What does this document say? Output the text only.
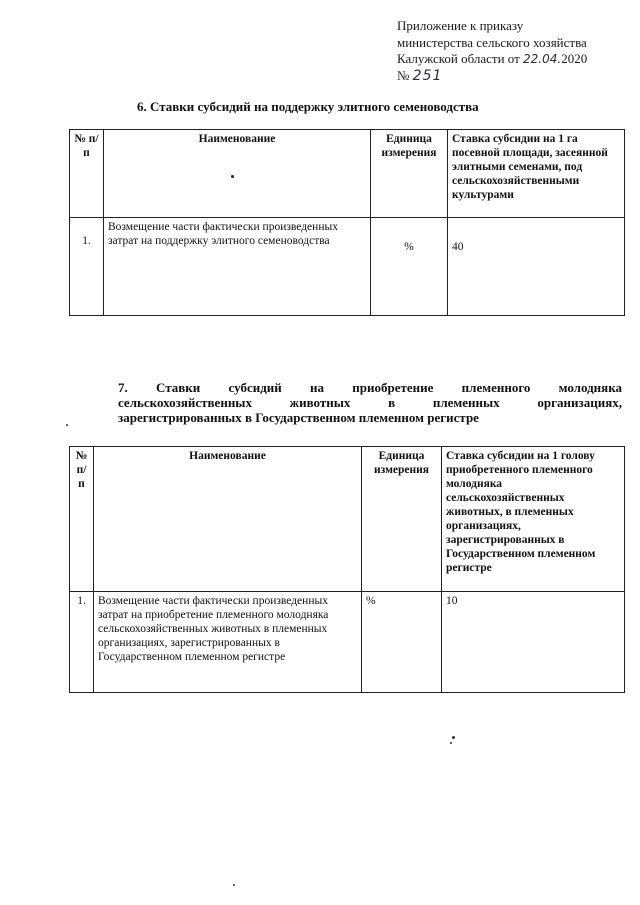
Приложение к приказу
министерства сельского хозяйства
Калужской области от 22.04.2020
№ 251
6. Ставки субсидий на поддержку элитного семеноводства
№ п/п	Наименование	Единица измерения	Ставка субсидии на 1 га посевной площади, засеянной элитными семенами, под сельскохозяйственными культурами
1.	Возмещение части фактически произведенных затрат на поддержку элитного семеноводства	%	40
7. Ставки субсидий на приобретение племенного молодняка
сельскохозяйственных животных в племенных организациях,
зарегистрированных в Государственном племенном регистре
№ п/п	Наименование	Единица измерения	Ставка субсидии на 1 голову приобретенного племенного молодняка сельскохозяйственных животных, в племенных организациях, зарегистрированных в Государственном племенном регистре
1.	Возмещение части фактически произведенных затрат на приобретение племенного молодняка сельскохозяйственных животных в племенных организациях, зарегистрированных в Государственном племенном регистре	%	10
